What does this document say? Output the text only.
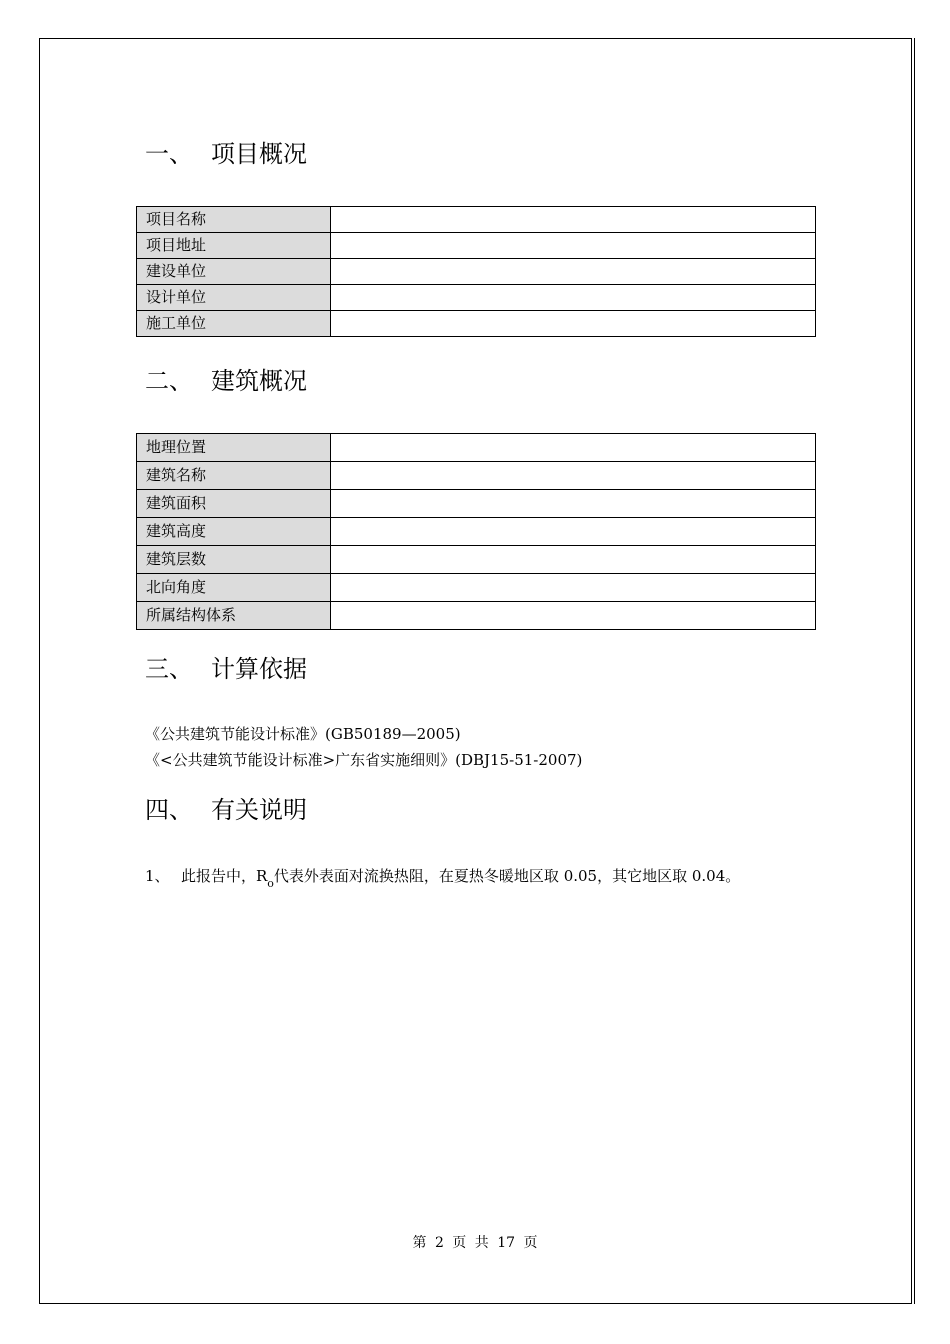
一、 项目概况
项目名称	
项目地址	
建设单位	
设计单位	
施工单位	
二、 建筑概况
地理位置	
建筑名称	
建筑面积	
建筑高度	
建筑层数	
北向角度	
所属结构体系	
三、 计算依据
《公共建筑节能设计标准》(GB50189—2005)
《<公共建筑节能设计标准>广东省实施细则》(DBJ15-51-2007)
四、 有关说明
1、 此报告中，$R_o$代表外表面对流换热阻，在夏热冬暖地区取 0.05，其它地区取 0.04。
第 2 页 共 17 页
